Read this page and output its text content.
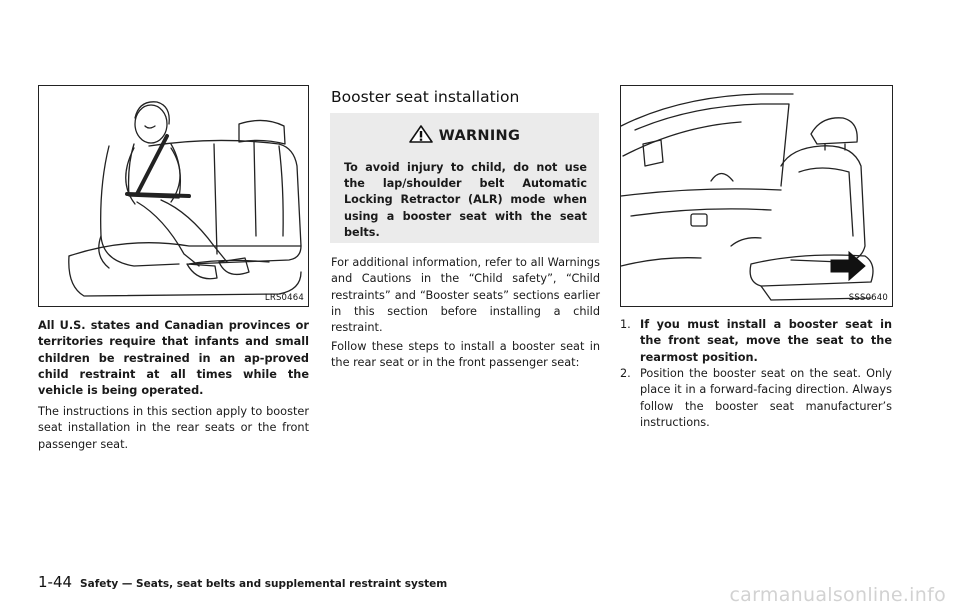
LRS0464

All U.S. states and Canadian provinces or territories require that infants and small children be restrained in an ap-proved child restraint at all times while the vehicle is being operated.

The instructions in this section apply to booster seat installation in the rear seats or the front passenger seat.

Booster seat installation
WARNING

To avoid injury to child, do not use the lap/shoulder belt Automatic Locking Retractor (ALR) mode when using a booster seat with the seat belts.

For additional information, refer to all Warnings and Cautions in the “Child safety”, “Child restraints” and “Booster seats” sections earlier in this section before installing a child restraint.

Follow these steps to install a booster seat in the rear seat or in the front passenger seat:

SSS0640
1. If you must install a booster seat in the front seat, move the seat to the rearmost position.
2. Position the booster seat on the seat. Only place it in a forward-facing direction. Always follow the booster seat manufacturer’s instructions.
1-44 Safety — Seats, seat belts and supplemental restraint system	carmanualsonline.info
